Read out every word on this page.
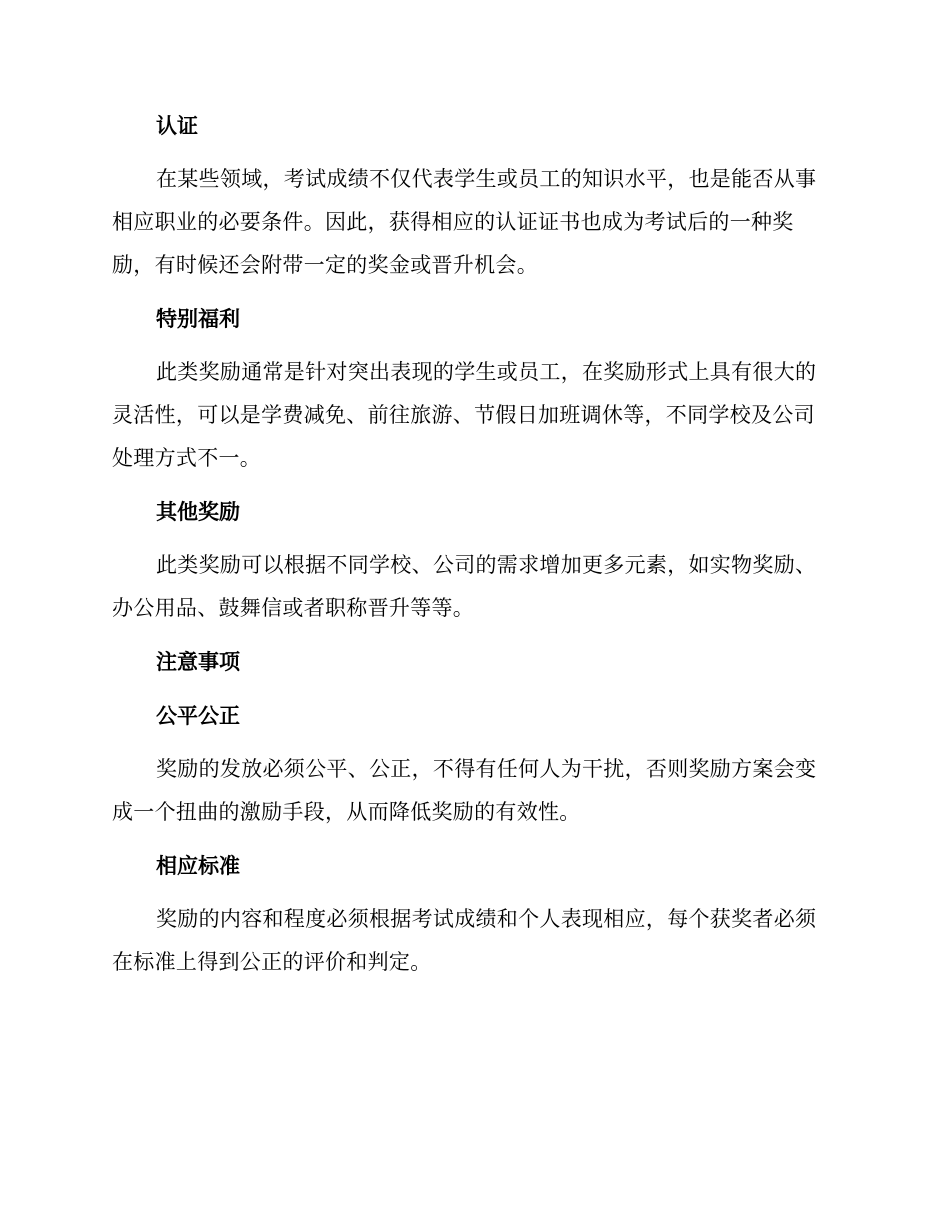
认证

在某些领域，考试成绩不仅代表学生或员工的知识水平，也是能否从事相应职业的必要条件。因此，获得相应的认证证书也成为考试后的一种奖励，有时候还会附带一定的奖金或晋升机会。

特别福利

此类奖励通常是针对突出表现的学生或员工，在奖励形式上具有很大的灵活性，可以是学费减免、前往旅游、节假日加班调休等，不同学校及公司处理方式不一。

其他奖励

此类奖励可以根据不同学校、公司的需求增加更多元素，如实物奖励、办公用品、鼓舞信或者职称晋升等等。

注意事项
公平公正

奖励的发放必须公平、公正，不得有任何人为干扰，否则奖励方案会变成一个扭曲的激励手段，从而降低奖励的有效性。

相应标准

奖励的内容和程度必须根据考试成绩和个人表现相应，每个获奖者必须在标准上得到公正的评价和判定。
